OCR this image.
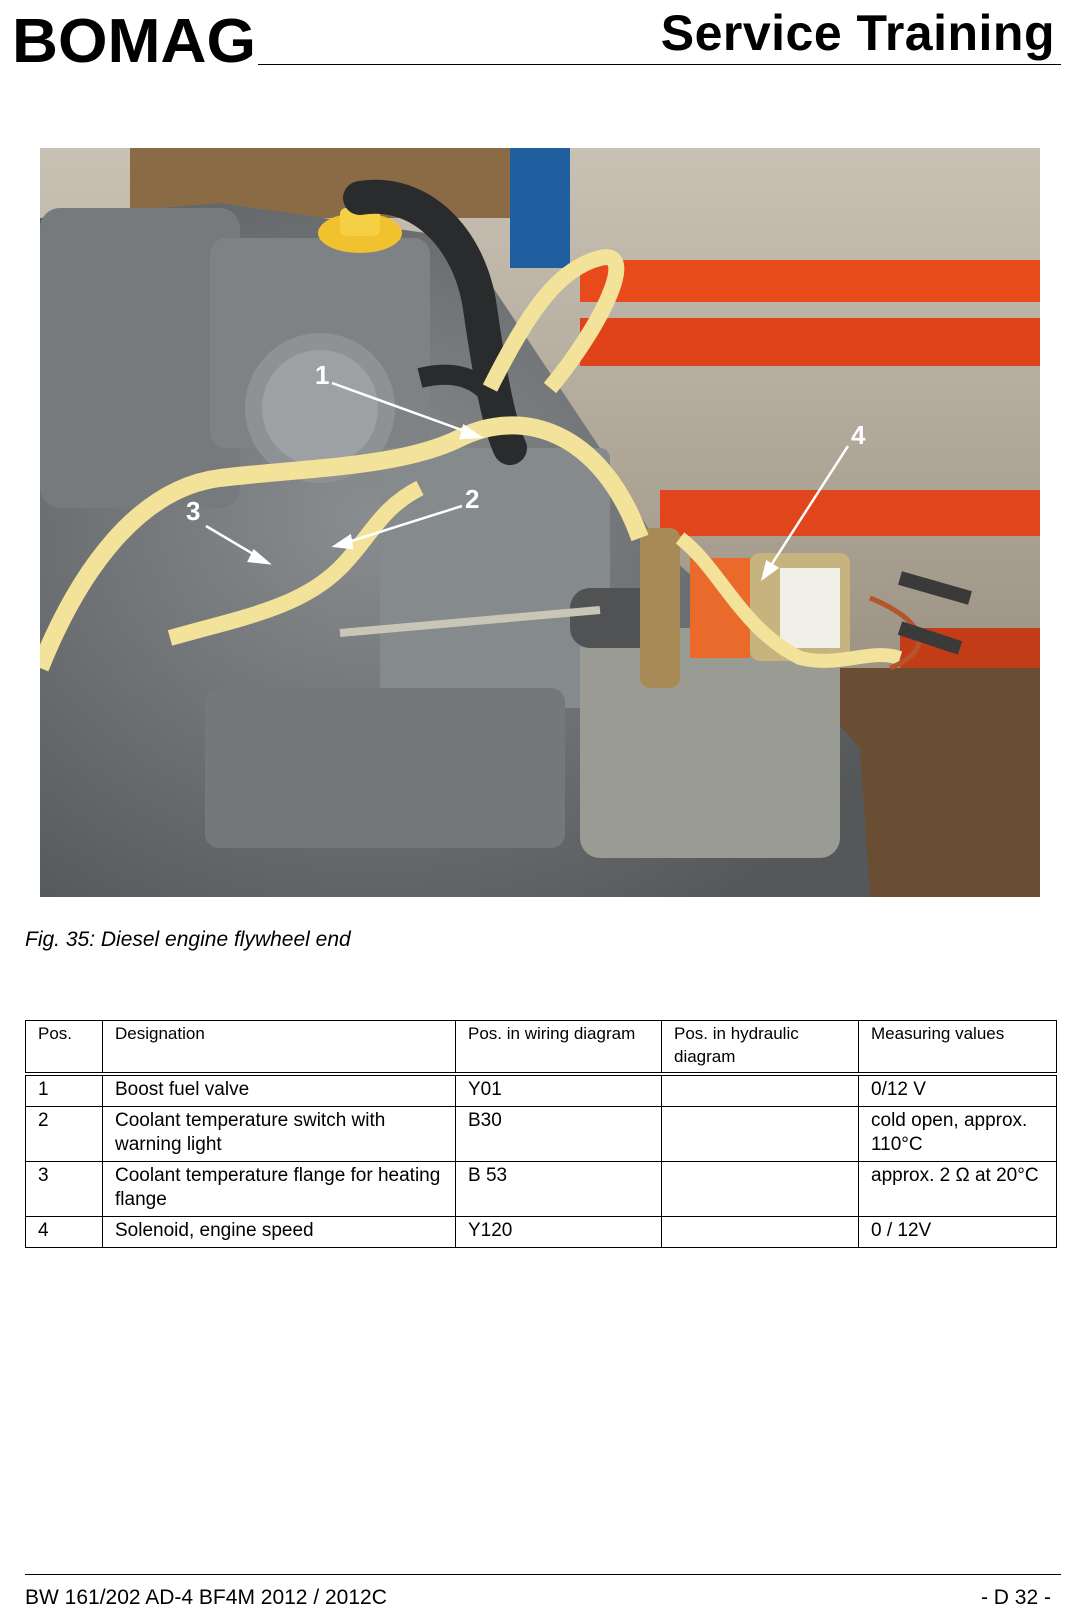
BOMAG	Service Training
1
2
3
4
Fig. 35: Diesel engine flywheel end
Pos.	Designation	Pos. in wiring diagram	Pos. in hydraulic diagram	Measuring values
1	Boost fuel valve	Y01		0/12 V
2	Coolant temperature switch with warning light	B30		cold open, approx. 110°C
3	Coolant temperature flange for heating flange	B 53		approx. 2 Ω at 20°C
4	Solenoid, engine speed	Y120		0 / 12V
BW 161/202 AD-4 BF4M 2012 / 2012C	- D 32 -
